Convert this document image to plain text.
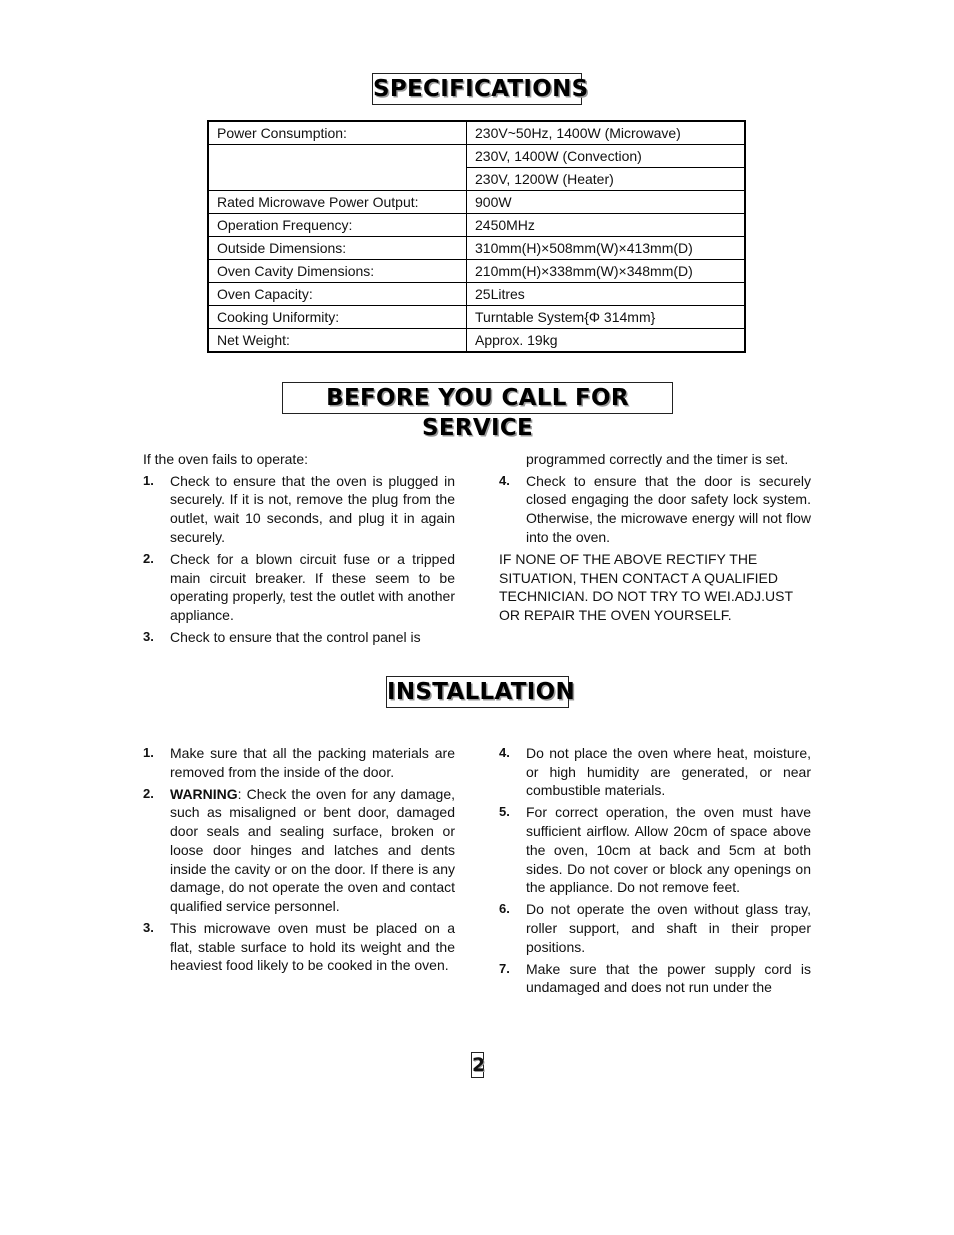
SPECIFICATIONS
Power Consumption:	230V~50Hz, 1400W (Microwave)
	230V, 1400W (Convection)
	230V, 1200W (Heater)
Rated Microwave Power Output:	900W
Operation Frequency:	2450MHz
Outside Dimensions:	310mm(H)×508mm(W)×413mm(D)
Oven Cavity Dimensions:	210mm(H)×338mm(W)×348mm(D)
Oven Capacity:	25Litres
Cooking Uniformity:	Turntable System{Φ 314mm}
Net Weight:	Approx. 19kg
BEFORE YOU CALL FOR SERVICE

If the oven fails to operate:

1. Check to ensure that the oven is plugged in securely. If it is not, remove the plug from the outlet, wait 10 seconds, and plug it in again securely.
2. Check for a blown circuit fuse or a tripped main circuit breaker. If these seem to be operating properly, test the outlet with another appliance.
3. Check to ensure that the control panel is

programmed correctly and the timer is set.

4. Check to ensure that the door is securely closed engaging the door safety lock system. Otherwise, the microwave energy will not flow into the oven.

IF NONE OF THE ABOVE RECTIFY THE SITUATION, THEN CONTACT A QUALIFIED TECHNICIAN. DO NOT TRY TO WEI.ADJ.UST OR REPAIR THE OVEN YOURSELF.

INSTALLATION
1. Make sure that all the packing materials are removed from the inside of the door.
2. WARNING: Check the oven for any damage, such as misaligned or bent door, damaged door seals and sealing surface, broken or loose door hinges and latches and dents inside the cavity or on the door. If there is any damage, do not operate the oven and contact qualified service personnel.
3. This microwave oven must be placed on a flat, stable surface to hold its weight and the heaviest food likely to be cooked in the oven.
4. Do not place the oven where heat, moisture, or high humidity are generated, or near combustible materials.
5. For correct operation, the oven must have sufficient airflow. Allow 20cm of space above the oven, 10cm at back and 5cm at both sides. Do not cover or block any openings on the appliance. Do not remove feet.
6. Do not operate the oven without glass tray, roller support, and shaft in their proper positions.
7. Make sure that the power supply cord is undamaged and does not run under the
2
